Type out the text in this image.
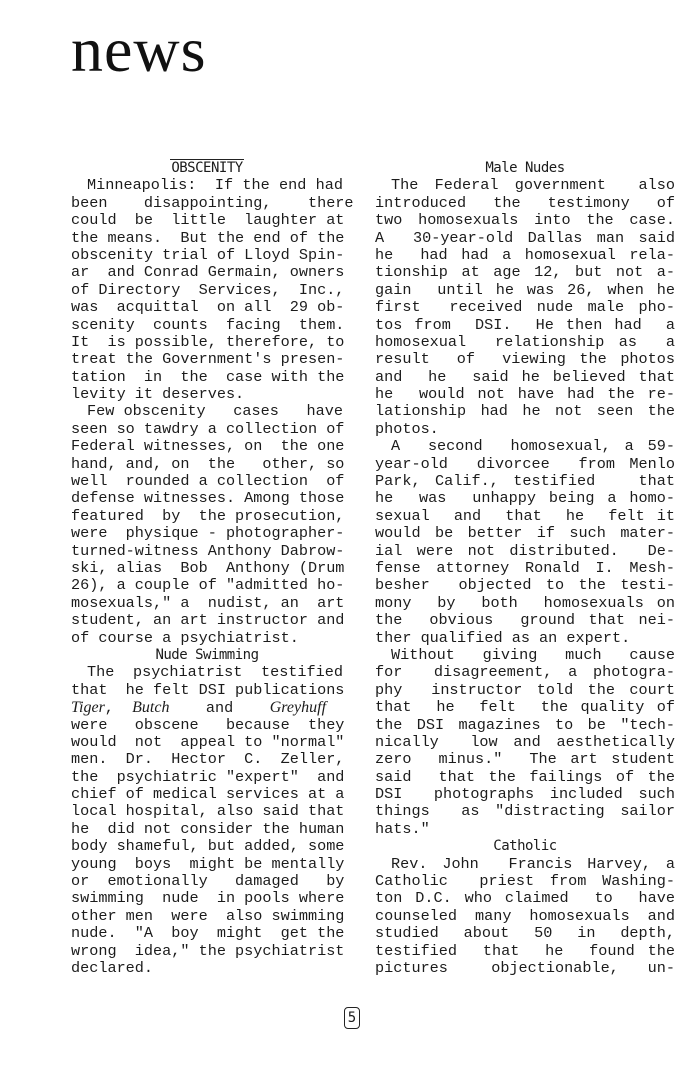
news
OBSCENITY
Minneapolis:  If the end had
been    disappointing,    there
could  be  little  laughter at
the means.  But the end of the
obscenity trial of Lloyd Spin-
ar  and Conrad Germain, owners
of Directory  Services,  Inc.,
was  acquittal  on all  29 ob-
scenity  counts  facing  them.
It  is possible, therefore, to
treat the Government's presen-
tation  in  the  case with the
levity it deserves.
Few obscenity   cases   have
seen so tawdry a collection of
Federal witnesses, on  the one
hand, and, on  the   other, so
well  rounded a collection  of
defense witnesses. Among those
featured  by  the prosecution,
were  physique - photographer-
turned-witness Anthony Dabrow-
ski, alias  Bob  Anthony (Drum
26), a couple of "admitted ho-
mosexuals," a  nudist, an  art
student, an art instructor and
of course a psychiatrist.
Nude Swimming
The  psychiatrist  testified
that  he felt DSI publications
Tiger,  Butch    and    Greyhuff
were   obscene   because  they
would  not  appeal to "normal"
men.  Dr.  Hector  C.  Zeller,
the  psychiatric "expert"  and
chief of medical services at a
local hospital, also said that
he  did not consider the human
body shameful, but added, some
young  boys  might be mentally
or  emotionally   damaged   by
swimming  nude  in pools where
other men  were  also swimming
nude.  "A  boy  might  get the
wrong  idea," the psychiatrist
declared.
Male Nudes
The Federal government  also
introduced  the  testimony  of
two homosexuals into the case.
A  30-year-old Dallas man said
he  had had a homosexual rela-
tionship at age 12, but not a-
gain  until he was 26, when he
first  received nude male pho-
tos from  DSI.  He then had  a
homosexual  relationship as  a
result  of  viewing the photos
and  he  said he believed that
he  would not have had the re-
lationship had he not seen the
photos.
A  second  homosexual, a 59-
year-old  divorcee  from Menlo
Park, Calif., testified   that
he  was  unhappy being a homo-
sexual  and  that  he  felt it
would be better if such mater-
ial were not distributed.  De-
fense attorney Ronald I. Mesh-
besher  objected to the testi-
mony  by  both  homosexuals on
the  obvious  ground that nei-
ther qualified as an expert.
Without  giving  much  cause
for  disagreement, a photogra-
phy  instructor told the court
that  he  felt  the quality of
the DSI magazines to be "tech-
nically  low and aesthetically
zero  minus."  The art student
said  that the failings of the
DSI  photographs included such
things  as "distracting sailor
hats."
Catholic
Rev. John  Francis Harvey, a
Catholic  priest from Washing-
ton D.C. who claimed  to  have
counseled many homosexuals and
studied  about  50  in  depth,
testified  that  he  found the
pictures   objectionable,  un-
5
